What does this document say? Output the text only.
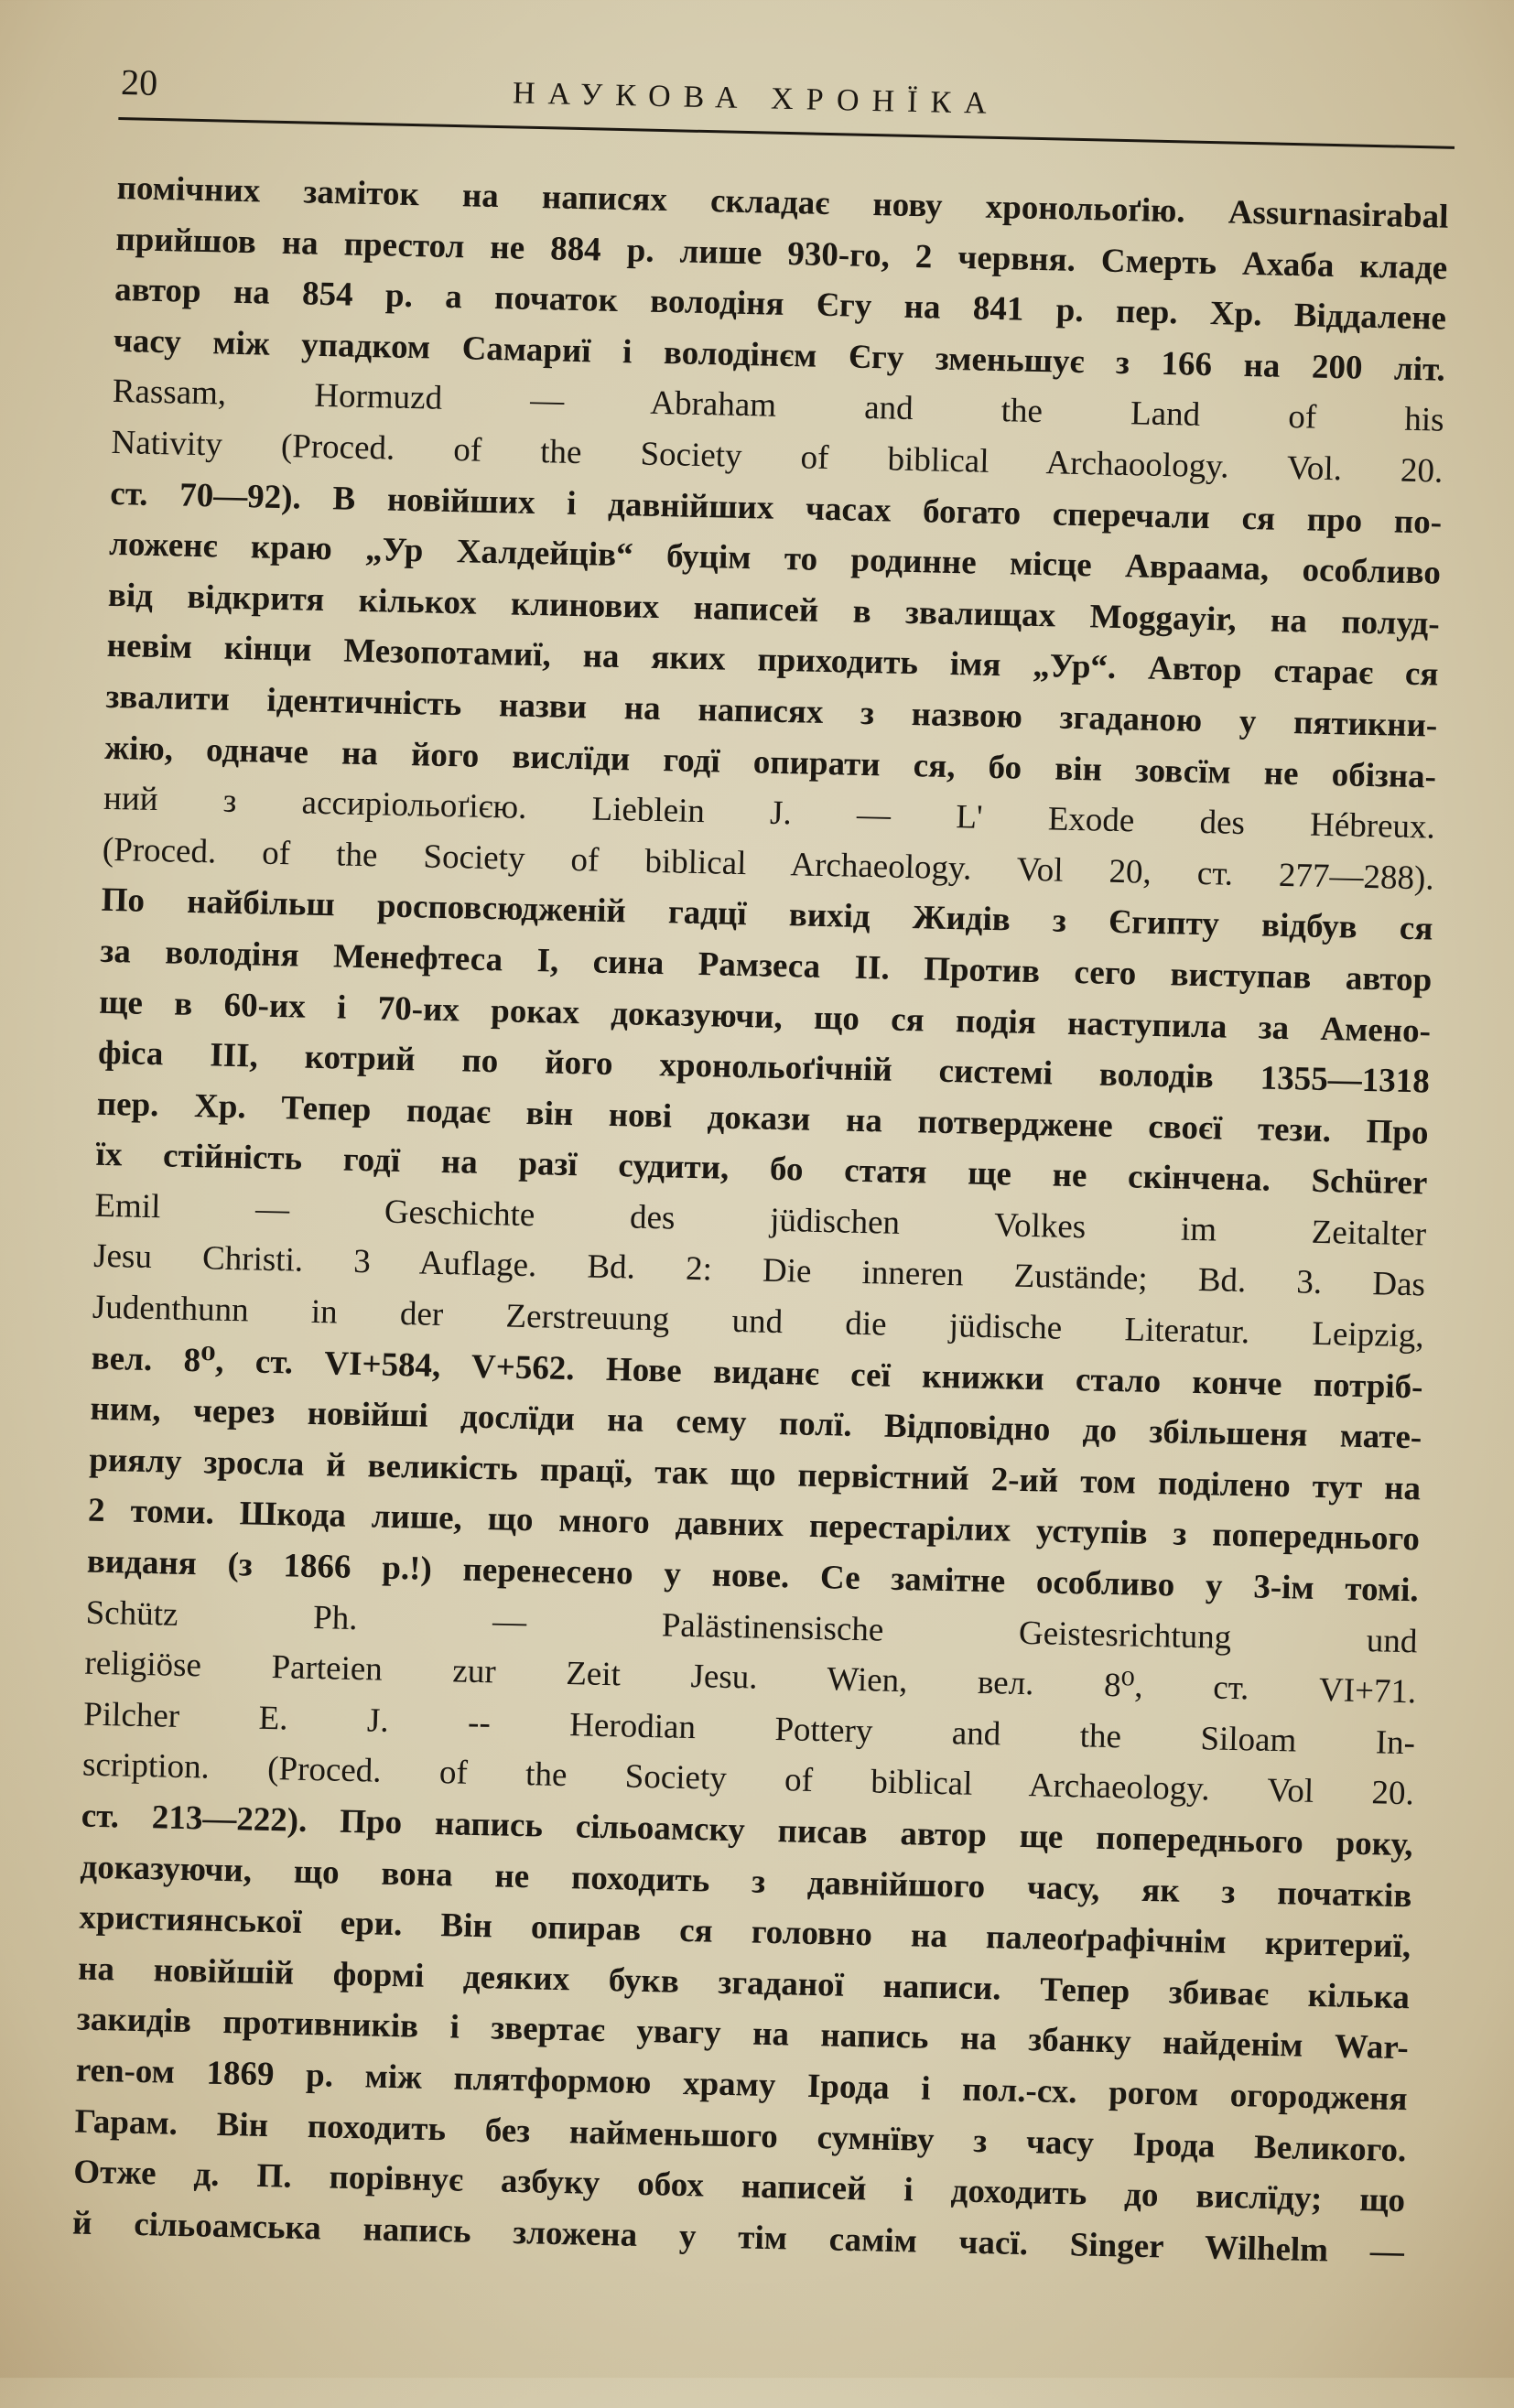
20	НАУКОВА ХРОНЇКА
помічних заміток на написях складає нову хронольоґію. Assurnasirabal
прийшов на престол не 884 р. лише 930-го, 2 червня. Смерть Ахаба кладе
автор на 854 р. а початок володіня Єгу на 841 р. пер. Хр. Віддалене
часу між упадком Самариї і володінєм Єгу зменьшує з 166 на 200 літ.
Rassam, Hormuzd — Abraham and the Land of his
Nativity (Proced. of the Society of biblical Archaoology. Vol. 20.
ст. 70—92). В новійших і давнійших часах богато сперечали ся про по-
ложенє краю „Ур Халдейців“ буцім то родинне місце Авраама, особливо
від відкритя кількох клинових написей в звалищах Moggayir, на полуд-
невім кінци Мезопотамиї, на яких приходить імя „Ур“. Автор старає ся
звалити ідентичність назви на написях з назвою згаданою у пятикни-
жію, одначе на його вислїди годї опирати ся, бо він зовсїм не обізна-
ний з ассиріольоґією. Lieblein J. — L' Exode des Hébreux.
(Proced. of the Society of biblical Archaeology. Vol 20, ст. 277—288).
По найбільш росповсюдженій гадцї вихід Жидів з Єгипту відбув ся
за володіня Менефтеса I, сина Рамзеса II. Против сего виступав автор
ще в 60-их і 70-их роках доказуючи, що ся подія наступила за Амено-
фіса III, котрий по його хронольоґічній системі володів 1355—1318
пер. Хр. Тепер подає він нові докази на потверджене своєї тези. Про
їх стійність годї на разї судити, бо статя ще не скінчена. Schürer
Emil — Geschichte des jüdischen Volkes im Zeitalter
Jesu Christi. 3 Auflage. Bd. 2: Die inneren Zustände; Bd. 3. Das
Judenthunn in der Zerstreuung und die jüdische Literatur. Leipzig,
вел. 8⁰, ст. VI+584, V+562. Нове виданє сеї книжки стало конче потріб-
ним, через новійші дослїди на сему полї. Відповідно до збільшеня мате-
риялу зросла й великість працї, так що первістний 2-ий том поділено тут на
2 томи. Шкода лише, що много давних перестарілих уступів з попереднього
виданя (з 1866 р.!) перенесено у нове. Се замітне особливо у 3-ім томі.
Schütz Ph. — Palästinensische Geistesrichtung und
religiöse Parteien zur Zeit Jesu. Wien, вел. 8⁰, ст. VI+71.
Pilcher E. J. -- Herodian Pottery and the Siloam In-
scription. (Proced. of the Society of biblical Archaeology. Vol 20.
ст. 213—222). Про напись сільоамску писав автор ще попереднього року,
доказуючи, що вона не походить з давнійшого часу, як з початків
християнської ери. Він опирав ся головно на палеоґрафічнім критериї,
на новійшій формі деяких букв згаданої написи. Тепер збиває кілька
закидів противників і звертає увагу на напись на збанку найденім War-
ren-ом 1869 р. між плятформою храму Ірода і пол.-сх. рогом огородженя
Гарам. Він походить без найменьшого сумнїву з часу Ірода Великого.
Отже д. П. порівнує азбуку обох написей і доходить до вислїду; що
й сільоамська напись зложена у тім самім часї. Singer Wilhelm —
